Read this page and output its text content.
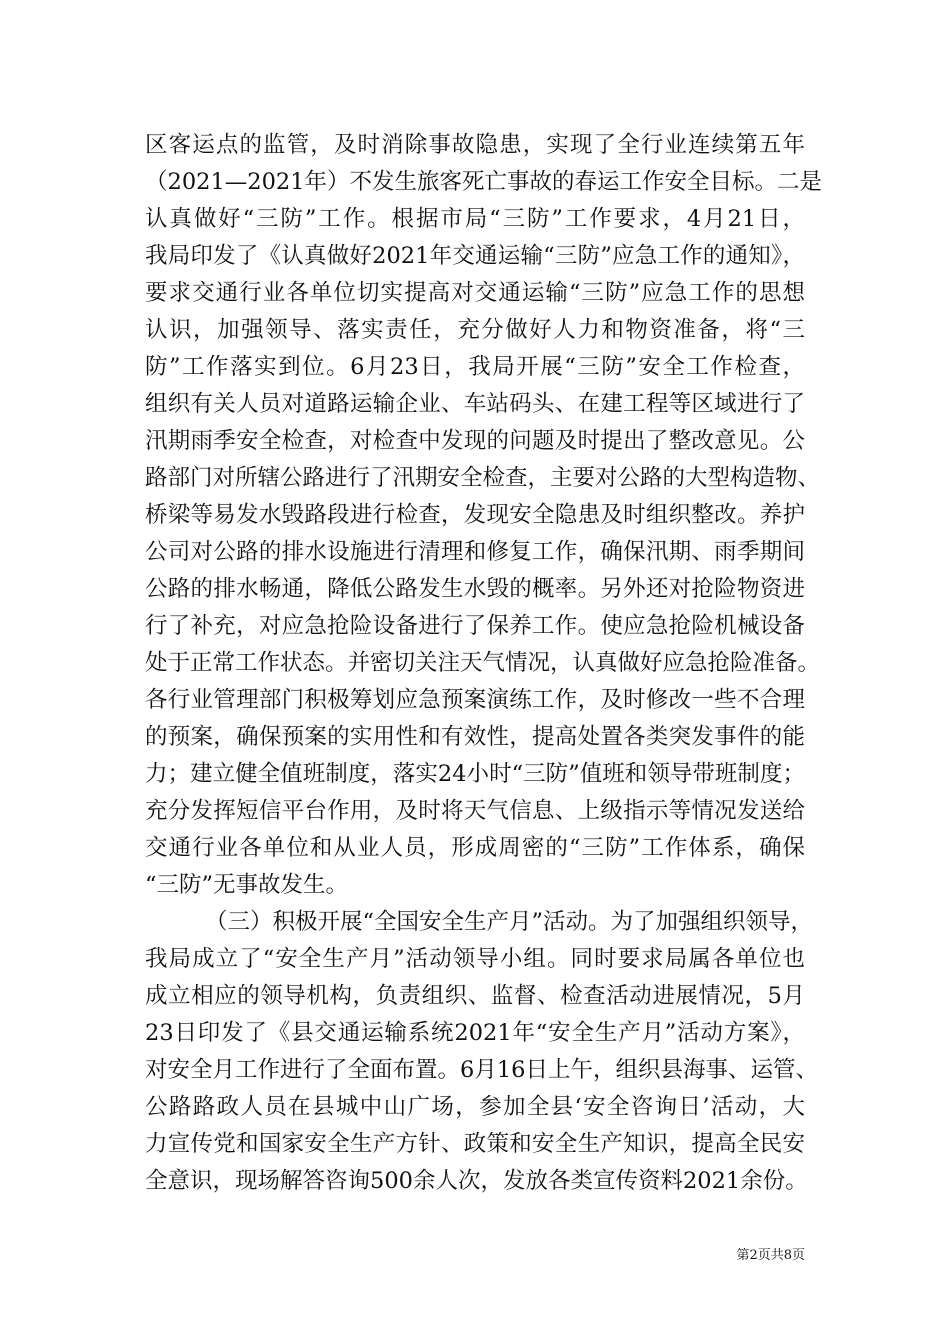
区客运点的监管，及时消除事故隐患，实现了全行业连续第五年
（2021—2021年）不发生旅客死亡事故的春运工作安全目标。二是
认真做好“三防”工作。根据市局“三防”工作要求，4月21日，
我局印发了《认真做好2021年交通运输“三防”应急工作的通知》，
要求交通行业各单位切实提高对交通运输“三防”应急工作的思想
认识，加强领导、落实责任，充分做好人力和物资准备，将“三
防”工作落实到位。6月23日，我局开展“三防”安全工作检查，
组织有关人员对道路运输企业、车站码头、在建工程等区域进行了
汛期雨季安全检查，对检查中发现的问题及时提出了整改意见。公
路部门对所辖公路进行了汛期安全检查，主要对公路的大型构造物、
桥梁等易发水毁路段进行检查，发现安全隐患及时组织整改。养护
公司对公路的排水设施进行清理和修复工作，确保汛期、雨季期间
公路的排水畅通，降低公路发生水毁的概率。另外还对抢险物资进
行了补充，对应急抢险设备进行了保养工作。使应急抢险机械设备
处于正常工作状态。并密切关注天气情况，认真做好应急抢险准备。
各行业管理部门积极筹划应急预案演练工作，及时修改一些不合理
的预案，确保预案的实用性和有效性，提高处置各类突发事件的能
力；建立健全值班制度，落实24小时“三防”值班和领导带班制度；
充分发挥短信平台作用，及时将天气信息、上级指示等情况发送给
交通行业各单位和从业人员，形成周密的“三防”工作体系，确保
“三防”无事故发生。
（三）积极开展“全国安全生产月”活动。为了加强组织领导，
我局成立了“安全生产月”活动领导小组。同时要求局属各单位也
成立相应的领导机构，负责组织、监督、检查活动进展情况，5月
23日印发了《县交通运输系统2021年“安全生产月”活动方案》，
对安全月工作进行了全面布置。6月16日上午，组织县海事、运管、
公路路政人员在县城中山广场，参加全县‘安全咨询日’活动，大
力宣传党和国家安全生产方针、政策和安全生产知识，提高全民安
全意识，现场解答咨询500余人次，发放各类宣传资料2021余份。
第2页共8页
